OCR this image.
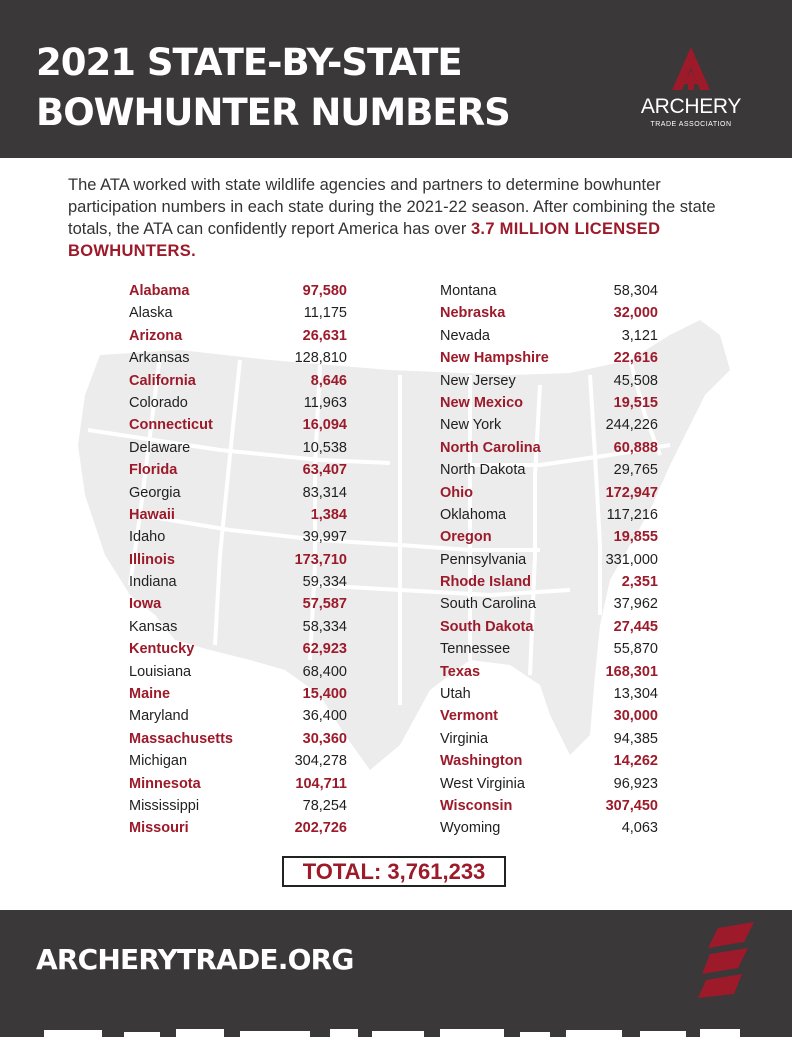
2021 STATE-BY-STATE
BOWHUNTER NUMBERS	ARCHERY
TRADE ASSOCIATION

The ATA worked with state wildlife agencies and partners to determine bowhunter participation numbers in each state during the 2021-22 season. After combining the state totals, the ATA can confidently report America has over 3.7 MILLION LICENSED BOWHUNTERS.

Alabama	97,580
Alaska	11,175
Arizona	26,631
Arkansas	128,810
California	8,646
Colorado	11,963
Connecticut	16,094
Delaware	10,538
Florida	63,407
Georgia	83,314
Hawaii	1,384
Idaho	39,997
Illinois	173,710
Indiana	59,334
Iowa	57,587
Kansas	58,334
Kentucky	62,923
Louisiana	68,400
Maine	15,400
Maryland	36,400
Massachusetts	30,360
Michigan	304,278
Minnesota	104,711
Mississippi	78,254
Missouri	202,726
Montana	58,304
Nebraska	32,000
Nevada	3,121
New Hampshire	22,616
New Jersey	45,508
New Mexico	19,515
New York	244,226
North Carolina	60,888
North Dakota	29,765
Ohio	172,947
Oklahoma	117,216
Oregon	19,855
Pennsylvania	331,000
Rhode Island	2,351
South Carolina	37,962
South Dakota	27,445
Tennessee	55,870
Texas	168,301
Utah	13,304
Vermont	30,000
Virginia	94,385
Washington	14,262
West Virginia	96,923
Wisconsin	307,450
Wyoming	4,063
TOTAL: 3,761,233
ARCHERYTRADE.ORG
